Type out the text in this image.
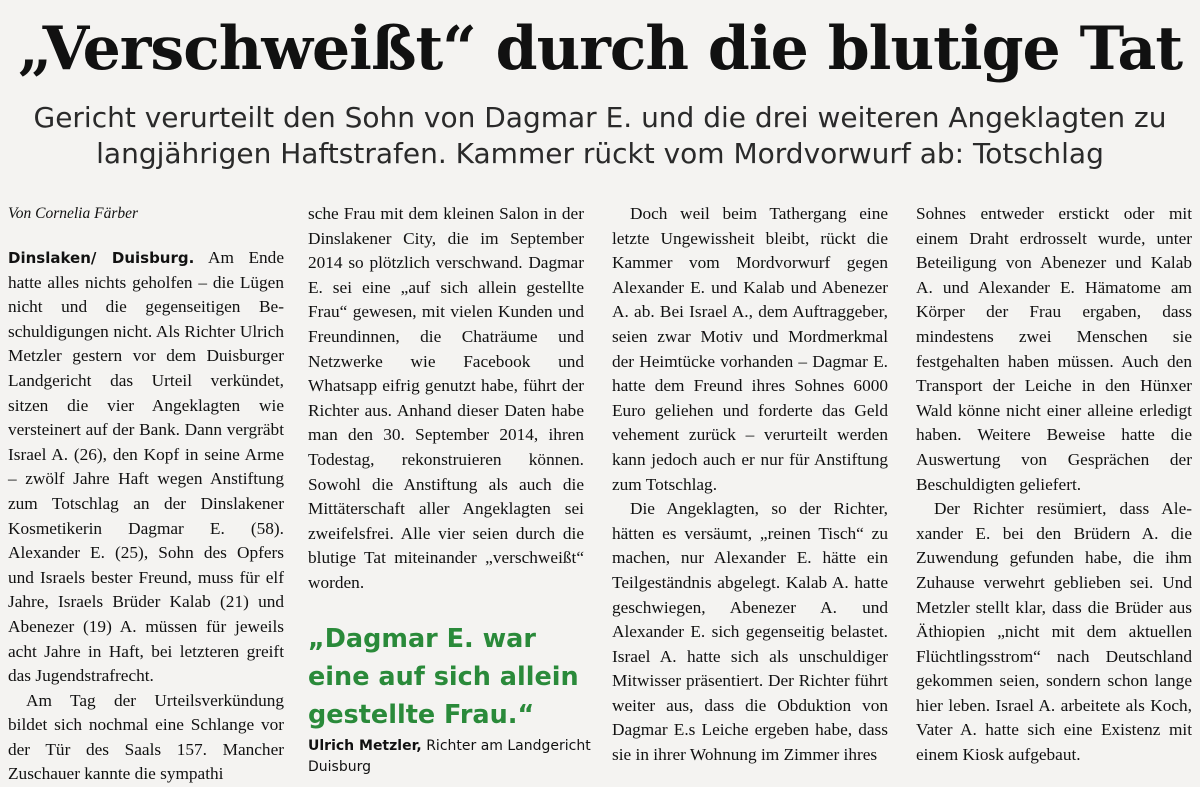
„Verschweißt“ durch die blutige Tat
Gericht verurteilt den Sohn von Dagmar E. und die drei weiteren Angeklagten zu
langjährigen Haftstrafen. Kammer rückt vom Mordvorwurf ab: Totschlag
Von Cornelia Färber

Dinslaken/ Duisburg. Am Ende hatte alles nichts geholfen – die Lügen nicht und die gegenseitigen Beschuldigungen nicht. Als Richter Ulrich Metzler gestern vor dem Duisburger Landgericht das Urteil verkündet, sitzen die vier Angeklagten wie versteinert auf der Bank. Dann vergräbt Israel A. (26), den Kopf in seine Arme – zwölf Jahre Haft wegen Anstiftung zum Totschlag an der Dinslakener Kosmetikerin Dagmar E. (58). Alexander E. (25), Sohn des Opfers und Israels bester Freund, muss für elf Jahre, Israels Brüder Kalab (21) und Abenezer (19) A. müssen für jeweils acht Jahre in Haft, bei letzteren greift das Jugendstrafrecht.

Am Tag der Urteilsverkündung bildet sich nochmal eine Schlange vor der Tür des Saals 157. Mancher Zuschauer kannte die sympathi

sche Frau mit dem kleinen Salon in der Dinslakener City, die im September 2014 so plötzlich verschwand. Dagmar E. sei eine „auf sich allein gestellte Frau“ gewesen, mit vielen Kunden und Freundinnen, die Chaträume und Netzwerke wie Facebook und Whatsapp eifrig genutzt habe, führt der Richter aus. Anhand dieser Daten habe man den 30. September 2014, ihren Todestag, rekonstruieren können. Sowohl die Anstiftung als auch die Mittäterschaft aller Angeklagten sei zweifelsfrei. Alle vier seien durch die blutige Tat miteinander „verschweißt“ worden.

„Dagmar E. war eine auf sich allein gestellte Frau.“
Ulrich Metzler, Richter am Landgericht Duisburg

Doch weil beim Tathergang eine letzte Ungewissheit bleibt, rückt die Kammer vom Mordvorwurf gegen Alexander E. und Kalab und Abenezer A. ab. Bei Israel A., dem Auftraggeber, seien zwar Motiv und Mordmerkmal der Heimtücke vorhanden – Dagmar E. hatte dem Freund ihres Sohnes 6000 Euro geliehen und forderte das Geld vehement zurück – verurteilt werden kann jedoch auch er nur für Anstiftung zum Totschlag.

Die Angeklagten, so der Richter, hätten es versäumt, „reinen Tisch“ zu machen, nur Alexander E. hätte ein Teilgeständnis abgelegt. Kalab A. hatte geschwiegen, Abenezer A. und Alexander E. sich gegenseitig belastet. Israel A. hatte sich als unschuldiger Mitwisser präsentiert. Der Richter führt weiter aus, dass die Obduktion von Dagmar E.s Leiche ergeben habe, dass sie in ihrer Wohnung im Zimmer ihres

Sohnes entweder erstickt oder mit einem Draht erdrosselt wurde, unter Beteiligung von Abenezer und Kalab A. und Alexander E. Hämatome am Körper der Frau ergaben, dass mindestens zwei Menschen sie festgehalten haben müssen. Auch den Transport der Leiche in den Hünxer Wald könne nicht einer alleine erledigt haben. Weitere Beweise hatte die Auswertung von Gesprächen der Beschuldigten geliefert.

Der Richter resümiert, dass Alexander E. bei den Brüdern A. die Zuwendung gefunden habe, die ihm Zuhause verwehrt geblieben sei. Und Metzler stellt klar, dass die Brüder aus Äthiopien „nicht mit dem aktuellen Flüchtlingsstrom“ nach Deutschland gekommen seien, sondern schon lange hier leben. Israel A. arbeitete als Koch, Vater A. hatte sich eine Existenz mit einem Kiosk aufgebaut.
